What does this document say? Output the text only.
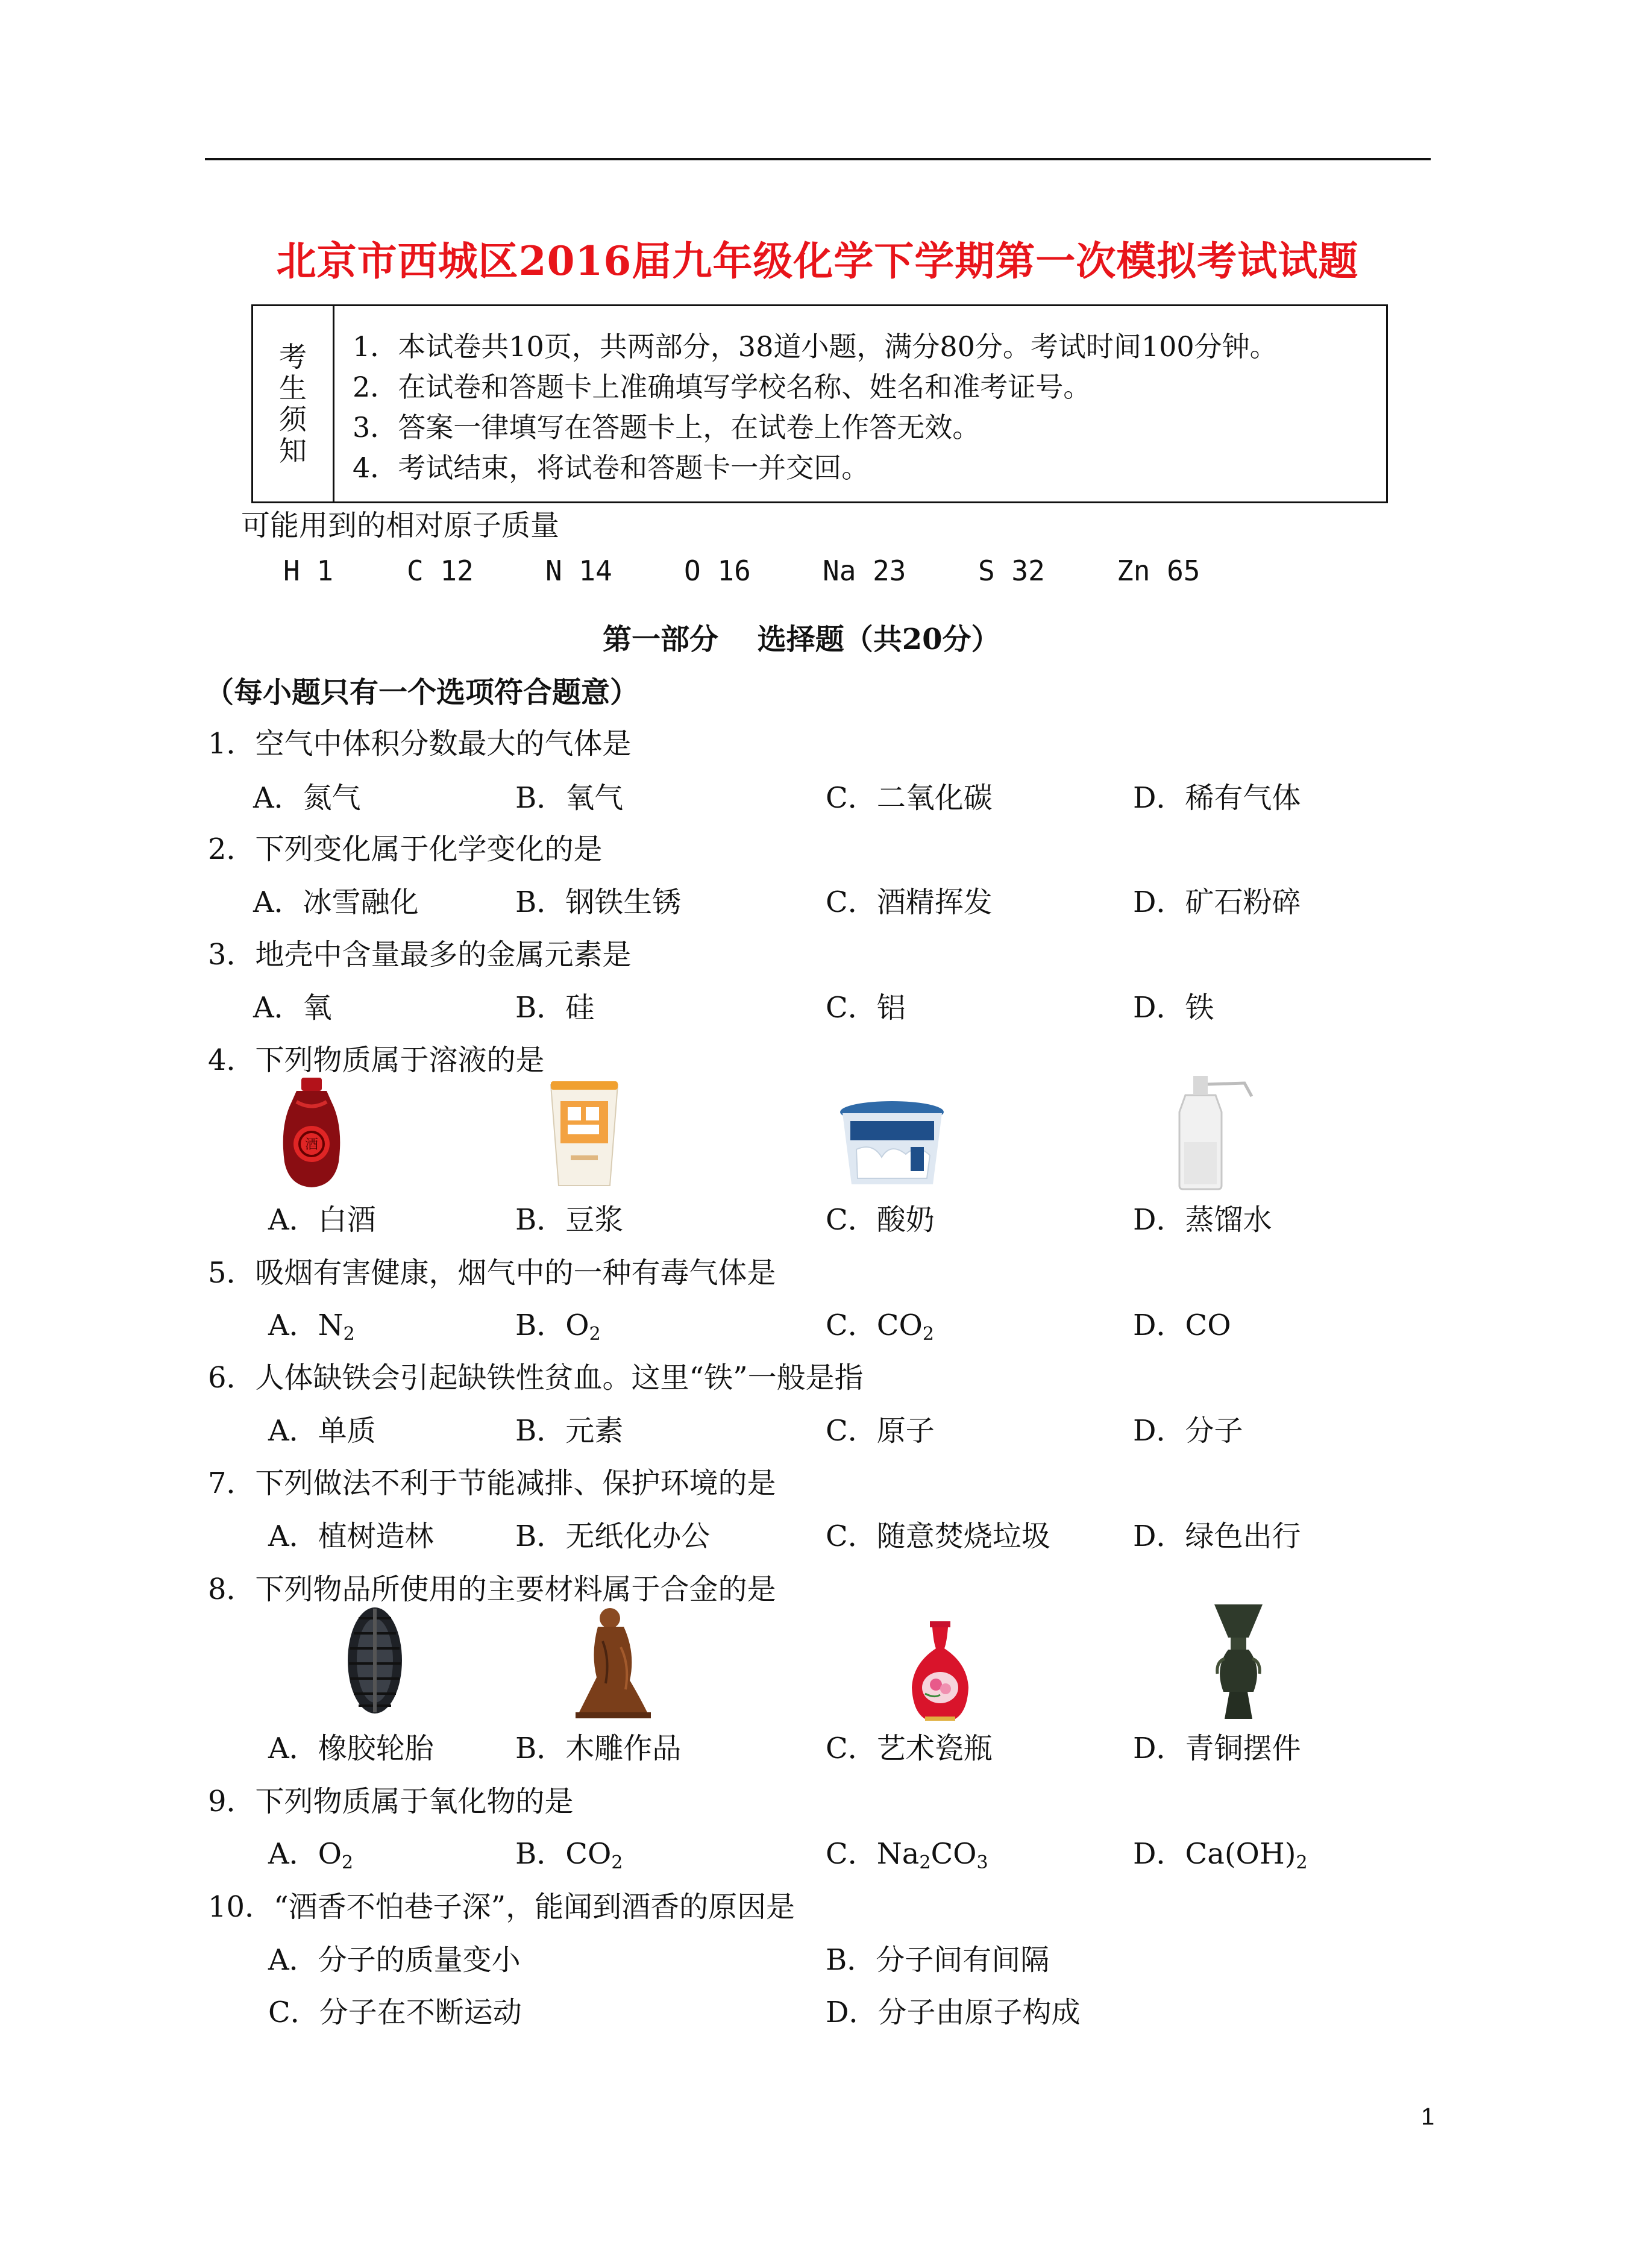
北京市西城区2016届九年级化学下学期第一次模拟考试试题
考
生
须
知
1．本试卷共10页，共两部分，38道小题，满分80分。考试时间100分钟。
2．在试卷和答题卡上准确填写学校名称、姓名和准考证号。
3．答案一律填写在答题卡上，在试卷上作答无效。
4．考试结束，将试卷和答题卡一并交回。
可能用到的相对原子质量
H 1	C 12	N 14	O 16	Na 23	S 32	Zn 65
第一部分　 选择题（共20分）
（每小题只有一个选项符合题意）
1．空气中体积分数最大的气体是
A．氮气	B．氧气	C．二氧化碳	D．稀有气体
2．下列变化属于化学变化的是
A．冰雪融化	B．钢铁生锈	C．酒精挥发	D．矿石粉碎
3．地壳中含量最多的金属元素是
A．氧	B．硅	C．铝	D．铁
4．下列物质属于溶液的是
酒
A．白酒	B．豆浆	C．酸奶	D．蒸馏水
5．吸烟有害健康，烟气中的一种有毒气体是
A．$N_2$	B．$O_2$	C．$CO_2$	D．CO
6．人体缺铁会引起缺铁性贫血。这里“铁”一般是指
A．单质	B．元素	C．原子	D．分子
7．下列做法不利于节能减排、保护环境的是
A．植树造林	B．无纸化办公	C．随意焚烧垃圾	D．绿色出行
8．下列物品所使用的主要材料属于合金的是
A．橡胶轮胎	B．木雕作品	C．艺术瓷瓶	D．青铜摆件
9．下列物质属于氧化物的是
A．$O_2$	B．$CO_2$	C．$Na_2CO_3$	D．$Ca(OH)_2$
10．“酒香不怕巷子深”，能闻到酒香的原因是
A．分子的质量变小	B．分子间有间隔
C．分子在不断运动	D．分子由原子构成
1
